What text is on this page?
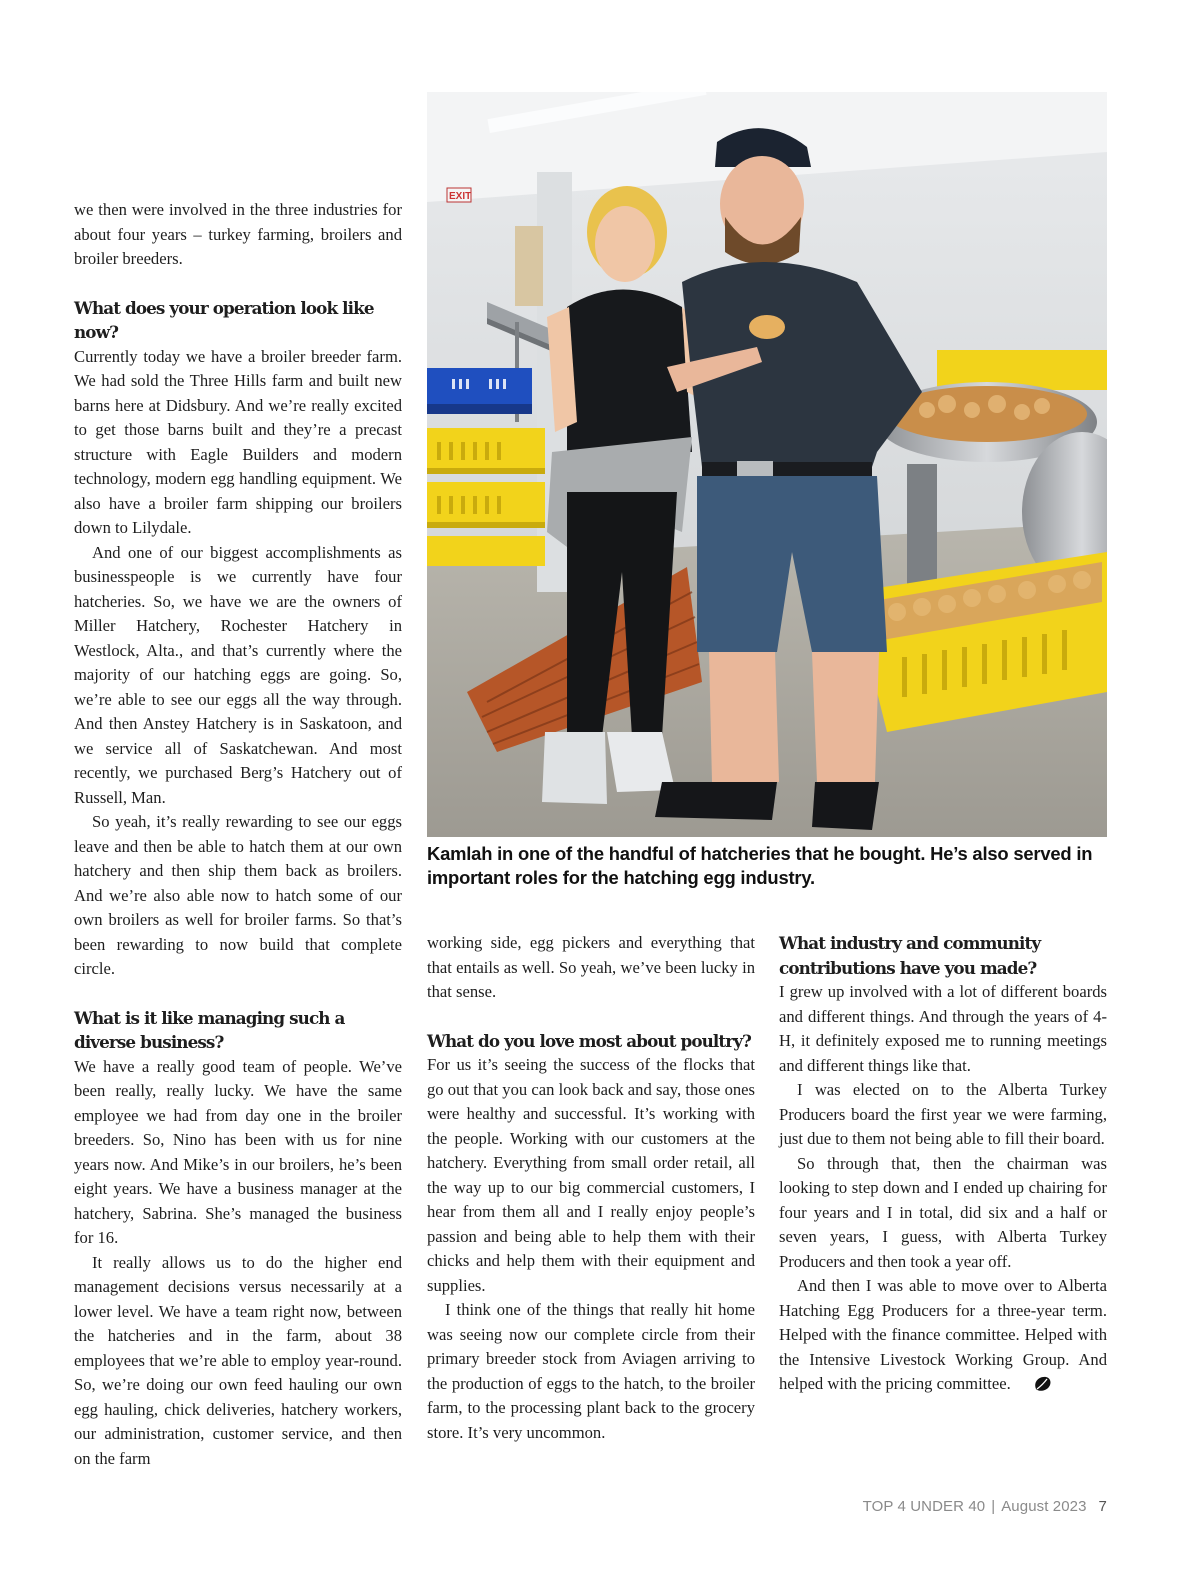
we then were involved in the three industries for about four years – turkey farming, broilers and broiler breeders.

What does your operation look like now?

Currently today we have a broiler breeder farm. We had sold the Three Hills farm and built new barns here at Didsbury. And we’re really excited to get those barns built and they’re a precast structure with Eagle Builders and modern technology, modern egg handling equipment. We also have a broiler farm shipping our broilers down to Lilydale.

And one of our biggest accomplishments as businesspeople is we currently have four hatcheries. So, we have we are the owners of Miller Hatchery, Rochester Hatchery in Westlock, Alta., and that’s currently where the majority of our hatching eggs are going. So, we’re able to see our eggs all the way through. And then Anstey Hatchery is in Saskatoon, and we service all of Saskatchewan. And most recently, we purchased Berg’s Hatchery out of Russell, Man.

So yeah, it’s really rewarding to see our eggs leave and then be able to hatch them at our own hatchery and then ship them back as broilers. And we’re also able now to hatch some of our own broilers as well for broiler farms. So that’s been rewarding to now build that complete circle.

What is it like managing such a diverse business?

We have a really good team of people. We’ve been really, really lucky. We have the same employee we had from day one in the broiler breeders. So, Nino has been with us for nine years now. And Mike’s in our broilers, he’s been eight years. We have a business manager at the hatchery, Sabrina. She’s managed the business for 16.

It really allows us to do the higher end management decisions versus necessarily at a lower level. We have a team right now, between the hatcheries and in the farm, about 38 employees that we’re able to employ year-round. So, we’re doing our own feed hauling our own egg hauling, chick deliveries, hatchery workers, our administration, customer service, and then on the farm

EXIT
Kamlah in one of the handful of hatcheries that he bought. He’s also served in important roles for the hatching egg industry.

working side, egg pickers and everything that that entails as well. So yeah, we’ve been lucky in that sense.

What do you love most about poultry?

For us it’s seeing the success of the flocks that go out that you can look back and say, those ones were healthy and successful. It’s working with the people. Working with our customers at the hatchery. Everything from small order retail, all the way up to our big commercial customers, I hear from them all and I really enjoy people’s passion and being able to help them with their chicks and help them with their equipment and supplies.

I think one of the things that really hit home was seeing now our complete circle from their primary breeder stock from Aviagen arriving to the production of eggs to the hatch, to the broiler farm, to the processing plant back to the grocery store. It’s very uncommon.

What industry and community contributions have you made?

I grew up involved with a lot of different boards and different things. And through the years of 4-H, it definitely exposed me to running meetings and different things like that.

I was elected on to the Alberta Turkey Producers board the first year we were farming, just due to them not being able to fill their board.

So through that, then the chairman was looking to step down and I ended up chairing for four years and I in total, did six and a half or seven years, I guess, with Alberta Turkey Producers and then took a year off.

And then I was able to move over to Alberta Hatching Egg Producers for a three-year term. Helped with the finance committee. Helped with the Intensive Livestock Working Group. And helped with the pricing committee.

TOP 4 UNDER 40 | August 2023 7
